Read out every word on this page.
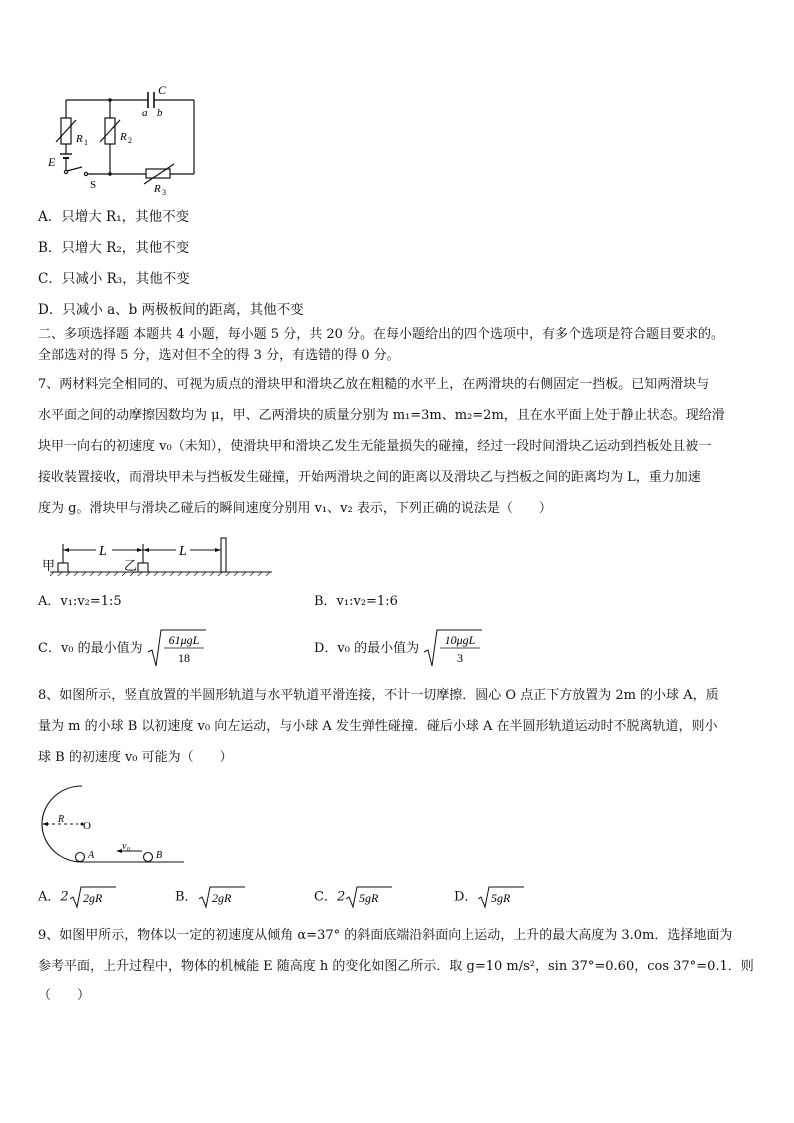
C
a b
R 1	R 2
R 3
E
S
A．只增大 R₁，其他不变
B．只增大 R₂，其他不变
C．只减小 R₃，其他不变
D．只减小 a、b 两极板间的距离，其他不变
二、多项选择题 本题共 4 小题，每小题 5 分，共 20 分。在每小题给出的四个选项中，有多个选项是符合题目要求的。
全部选对的得 5 分，选对但不全的得 3 分，有选错的得 0 分。
7、两材料完全相同的、可视为质点的滑块甲和滑块乙放在粗糙的水平上，在两滑块的右侧固定一挡板。已知两滑块与
水平面之间的动摩擦因数均为 μ，甲、乙两滑块的质量分别为 m₁=3m、m₂=2m，且在水平面上处于静止状态。现给滑
块甲一向右的初速度 v₀（未知），使滑块甲和滑块乙发生无能量损失的碰撞，经过一段时间滑块乙运动到挡板处且被一
接收装置接收，而滑块甲未与挡板发生碰撞，开始两滑块之间的距离以及滑块乙与挡板之间的距离均为 L，重力加速
度为 g。滑块甲与滑块乙碰后的瞬间速度分别用 v₁、v₂ 表示，下列正确的说法是（　　）
甲	乙
L	L
A．v₁:v₂=1:5	B．v₁:v₂=1:6
C．v₀ 的最小值为
61μgL
18
D．v₀ 的最小值为
10μgL
3
8、如图所示，竖直放置的半圆形轨道与水平轨道平滑连接，不计一切摩擦．圆心 O 点正下方放置为 2m 的小球 A，质
量为 m 的小球 B 以初速度 v₀ 向左运动，与小球 A 发生弹性碰撞．碰后小球 A 在半圆形轨道运动时不脱离轨道，则小
球 B 的初速度 v₀ 可能为（　　）
R
O
A	B
v₀
A．2 2gR	B． 2gR	C．2 5gR	D． 5gR
9、如图甲所示，物体以一定的初速度从倾角 α=37° 的斜面底端沿斜面向上运动，上升的最大高度为 3.0m．选择地面为
参考平面，上升过程中，物体的机械能 E 随高度 h 的变化如图乙所示．取 g=10 m/s²，sin 37°=0.60，cos 37°=0.1．则
（　　）
